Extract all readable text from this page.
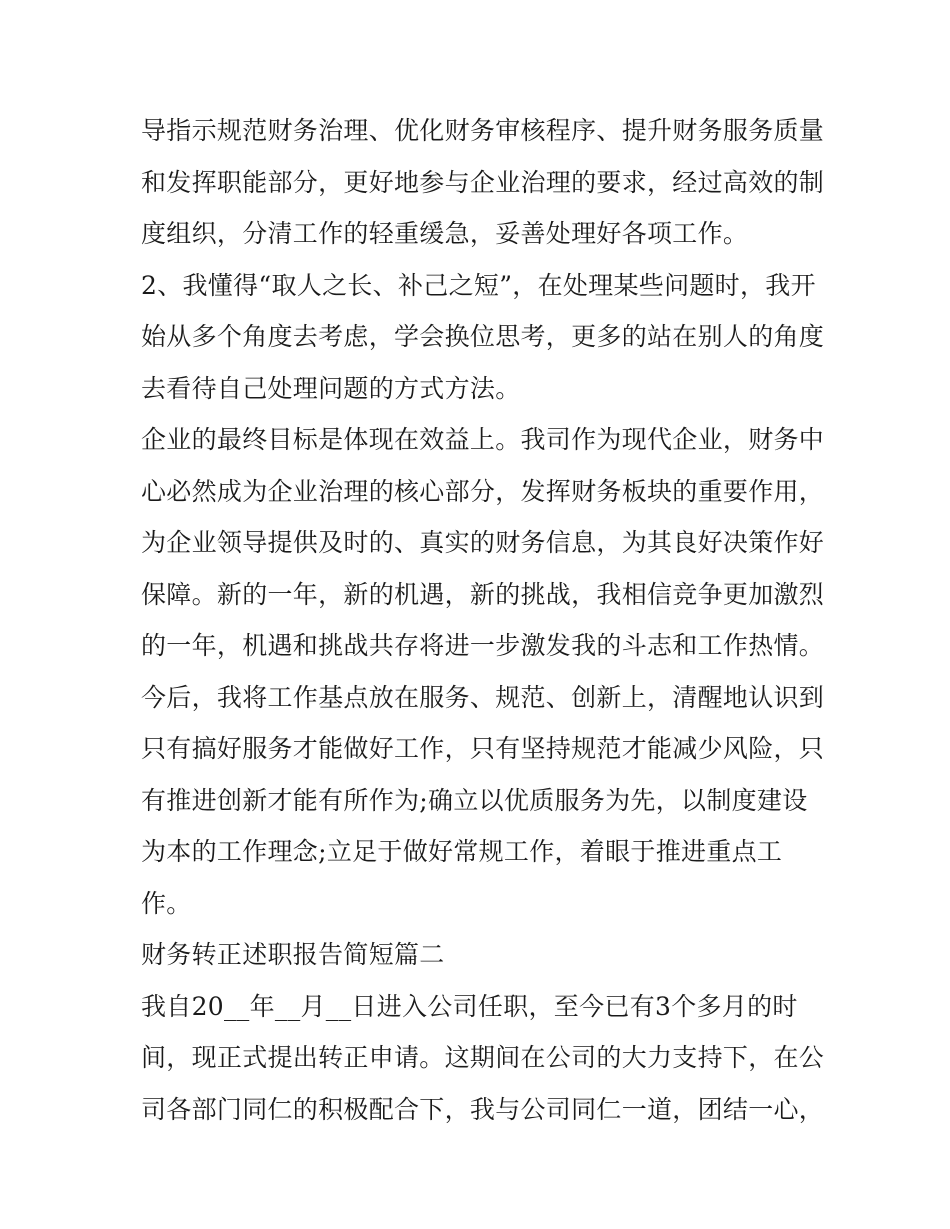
导指示规范财务治理、优化财务审核程序、提升财务服务质量
和发挥职能部分，更好地参与企业治理的要求，经过高效的制
度组织，分清工作的轻重缓急，妥善处理好各项工作。
2、我懂得“取人之长、补己之短”，在处理某些问题时，我开
始从多个角度去考虑，学会换位思考，更多的站在别人的角度
去看待自己处理问题的方式方法。
企业的最终目标是体现在效益上。我司作为现代企业，财务中
心必然成为企业治理的核心部分，发挥财务板块的重要作用，
为企业领导提供及时的、真实的财务信息，为其良好决策作好
保障。新的一年，新的机遇，新的挑战，我相信竞争更加激烈
的一年，机遇和挑战共存将进一步激发我的斗志和工作热情。
今后，我将工作基点放在服务、规范、创新上，清醒地认识到
只有搞好服务才能做好工作，只有坚持规范才能减少风险，只
有推进创新才能有所作为;确立以优质服务为先，以制度建设
为本的工作理念;立足于做好常规工作，着眼于推进重点工
作。
财务转正述职报告简短篇二
我自20__年__月__日进入公司任职，至今已有3个多月的时
间，现正式提出转正申请。这期间在公司的大力支持下，在公
司各部门同仁的积极配合下，我与公司同仁一道，团结一心，
